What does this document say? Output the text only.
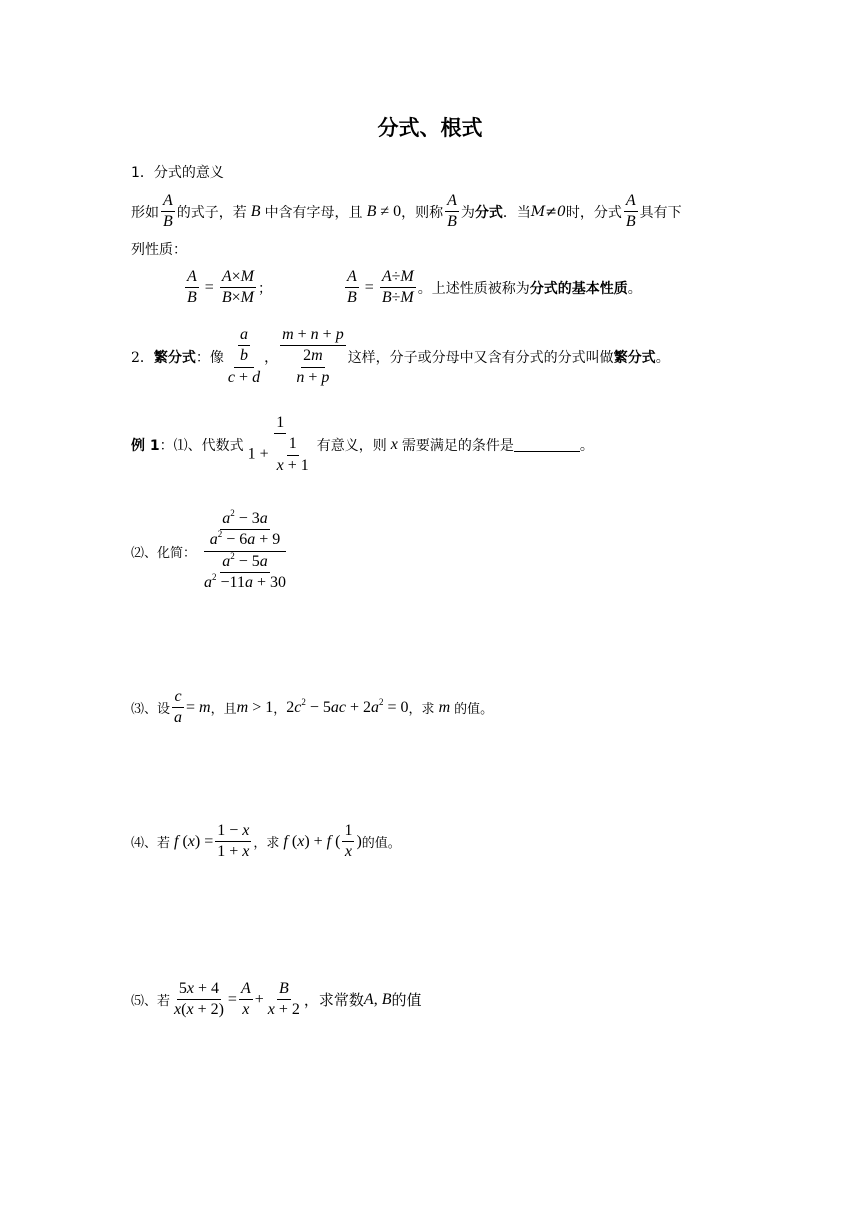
分式、根式
1．分式的意义
形如 $\frac{A}{B}$ 的式子，若 B 中含有字母，且 B ≠ 0 ，则称 $\frac{A}{B}$ 为 分式 ．当 M≠0 时，分式 $\frac{A}{B}$ 具有下
列性质：
$\frac{A}{B} = \frac{A\times M}{B\times M}$ ；	$\frac{A}{B} = \frac{A\div M}{B\div M}$ 。上述性质被称为 分式的基本性质 。
2． 繁分式 ：像 $\frac{\frac{a}{b}}{c + d}$ ， $\frac{m + n + p}{\frac{2m}{n + p}}$ 这样，分子或分母中又含有分式的分式叫做 繁分式 。
例 1 ：⑴、代数式 $\frac{1}{1 + \frac{1}{x + 1}}$ 有意义，则 x 需要满足的条件是	。
⑵、化简： $\frac{\frac{a^2 - 3a}{a^2 - 6a + 9}}{\frac{a^2 - 5a}{a^2 -11a + 30}}$
⑶、设 $\frac{c}{a} = m$ ，且 m > 1 ， $2c^2 - 5ac + 2a^2 = 0$ ，求 m 的值。
⑷、若 f $(x) = \frac{1 - x}{1 + x}$ ，求 f (x) + f ( $\frac{1}{x}$ ) 的值。
⑸、若 $\frac{5x + 4}{x(x + 2)} = \frac{A}{x} + \frac{B}{x + 2}$ ，求常数 A, B 的值
